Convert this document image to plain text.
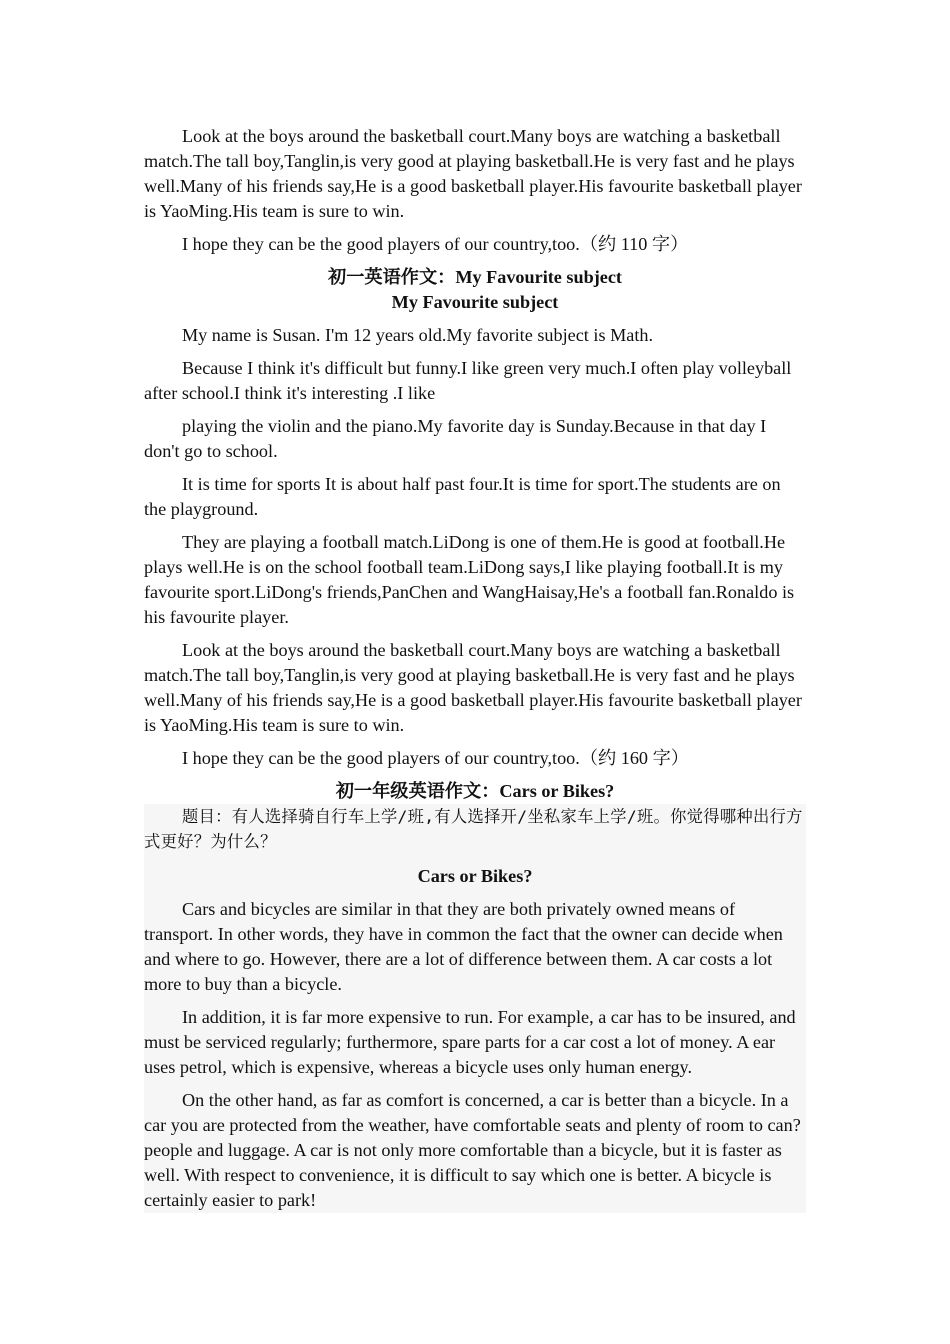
Look at the boys around the basketball court.Many boys are watching a basketball match.The tall boy,Tanglin,is very good at playing basketball.He is very fast and he plays well.Many of his friends say,He is a good basketball player.His favourite basketball player is YaoMing.His team is sure to win.

I hope they can be the good players of our country,too.（约 110 字）

初一英语作文：My Favourite subject
My Favourite subject

My name is Susan. I'm 12 years old.My favorite subject is Math.

Because I think it's difficult but funny.I like green very much.I often play volleyball after school.I think it's interesting .I like

playing the violin and the piano.My favorite day is Sunday.Because in that day I don't go to school.

It is time for sports It is about half past four.It is time for sport.The students are on the playground.

They are playing a football match.LiDong is one of them.He is good at football.He plays well.He is on the school football team.LiDong says,I like playing football.It is my favourite sport.LiDong's friends,PanChen and WangHaisay,He's a football fan.Ronaldo is his favourite player.

Look at the boys around the basketball court.Many boys are watching a basketball match.The tall boy,Tanglin,is very good at playing basketball.He is very fast and he plays well.Many of his friends say,He is a good basketball player.His favourite basketball player is YaoMing.His team is sure to win.

I hope they can be the good players of our country,too.（约 160 字）

初一年级英语作文：Cars or Bikes?

题目：有人选择骑自行车上学/班,有人选择开/坐私家车上学/班。你觉得哪种出行方式更好？为什么？

Cars or Bikes?

Cars and bicycles are similar in that they are both privately owned means of transport. In other words, they have in common the fact that the owner can decide when and where to go. However, there are a lot of difference between them. A car costs a lot more to buy than a bicycle.

In addition, it is far more expensive to run. For example, a car has to be insured, and must be serviced regularly; furthermore, spare parts for a car cost a lot of money. A ear uses petrol, which is expensive, whereas a bicycle uses only human energy.

On the other hand, as far as comfort is concerned, a car is better than a bicycle. In a car you are protected from the weather, have comfortable seats and plenty of room to can? people and luggage. A car is not only more comfortable than a bicycle, but it is faster as well. With respect to convenience, it is difficult to say which one is better. A bicycle is certainly easier to park!
